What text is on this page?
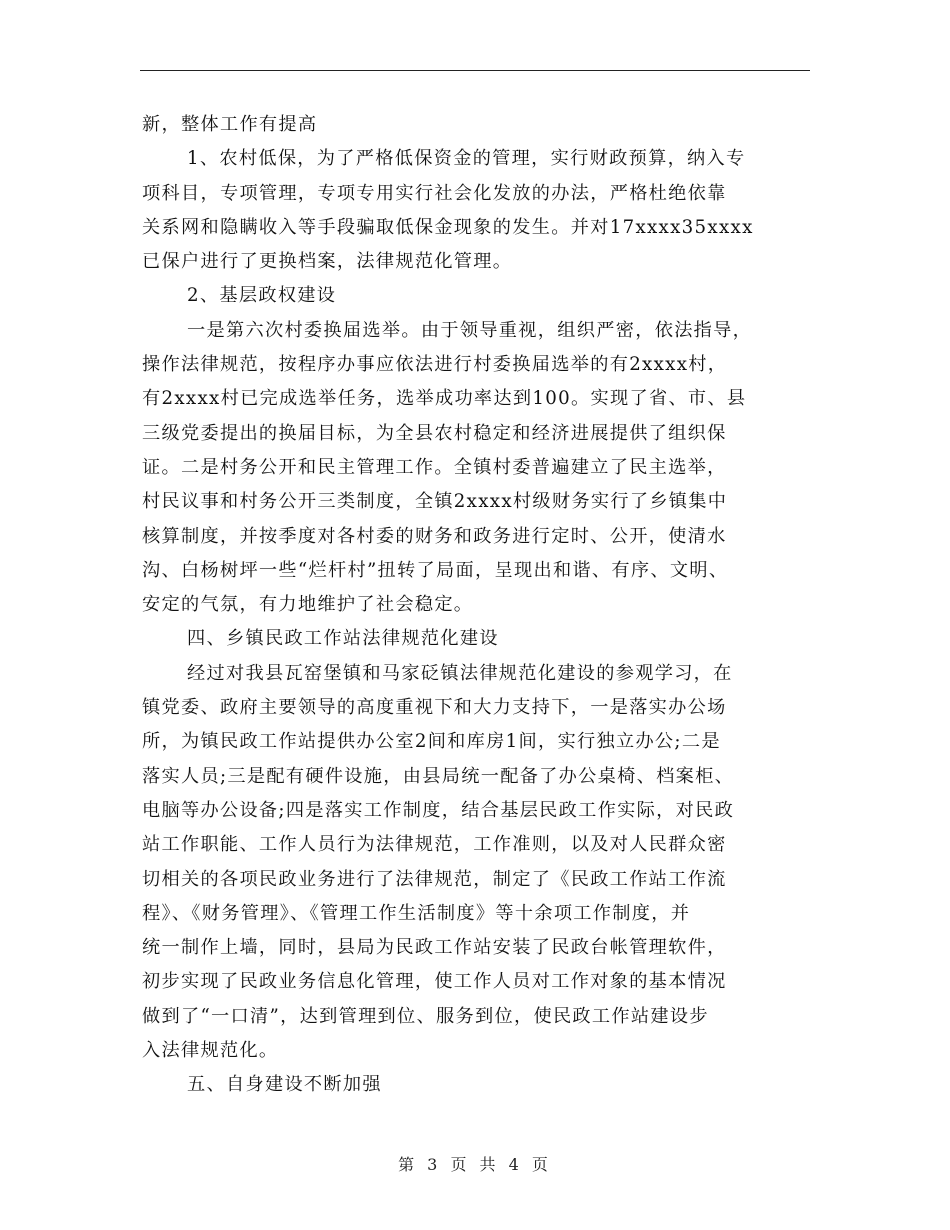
新，整体工作有提高
1、农村低保，为了严格低保资金的管理，实行财政预算，纳入专
项科目，专项管理，专项专用实行社会化发放的办法，严格杜绝依靠
关系网和隐瞒收入等手段骗取低保金现象的发生。并对17xxxx35xxxx
已保户进行了更换档案，法律规范化管理。
2、基层政权建设
一是第六次村委换届选举。由于领导重视，组织严密，依法指导，
操作法律规范，按程序办事应依法进行村委换届选举的有2xxxx村，
有2xxxx村已完成选举任务，选举成功率达到100。实现了省、市、县
三级党委提出的换届目标，为全县农村稳定和经济进展提供了组织保
证。二是村务公开和民主管理工作。全镇村委普遍建立了民主选举，
村民议事和村务公开三类制度，全镇2xxxx村级财务实行了乡镇集中
核算制度，并按季度对各村委的财务和政务进行定时、公开，使清水
沟、白杨树坪一些“烂杆村”扭转了局面，呈现出和谐、有序、文明、
安定的气氛，有力地维护了社会稳定。
四、乡镇民政工作站法律规范化建设
经过对我县瓦窑堡镇和马家砭镇法律规范化建设的参观学习，在
镇党委、政府主要领导的高度重视下和大力支持下，一是落实办公场
所，为镇民政工作站提供办公室2间和库房1间，实行独立办公;二是
落实人员;三是配有硬件设施，由县局统一配备了办公桌椅、档案柜、
电脑等办公设备;四是落实工作制度，结合基层民政工作实际，对民政
站工作职能、工作人员行为法律规范，工作准则，以及对人民群众密
切相关的各项民政业务进行了法律规范，制定了《民政工作站工作流
程》、《财务管理》、《管理工作生活制度》等十余项工作制度，并
统一制作上墙，同时，县局为民政工作站安装了民政台帐管理软件，
初步实现了民政业务信息化管理，使工作人员对工作对象的基本情况
做到了“一口清”，达到管理到位、服务到位，使民政工作站建设步
入法律规范化。
五、自身建设不断加强
第 3 页 共 4 页
